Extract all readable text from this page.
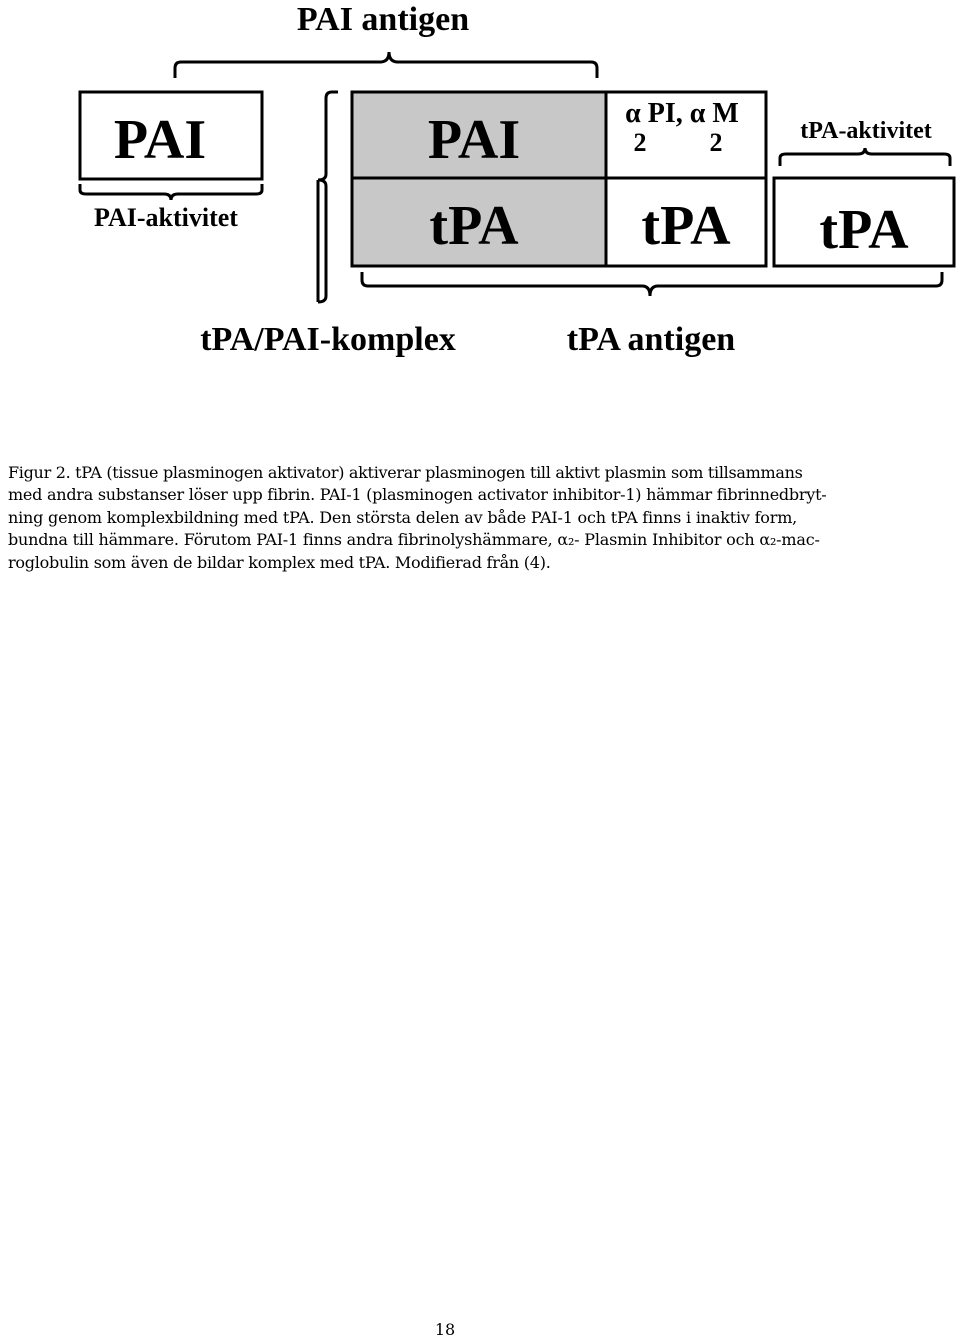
PAI antigen
PAI
PAI-aktivitet
PAI
tPA
α PI, α M
2 2
tPA
tPA-aktivitet
tPA
tPA/PAI-komplex	tPA antigen

Figur 2. tPA (tissue plasminogen aktivator) aktiverar plasminogen till aktivt plasmin som tillsammans
med andra substanser löser upp fibrin. PAI-1 (plasminogen activator inhibitor-1) hämmar fibrinnedbryt-
ning genom komplexbildning med tPA. Den största delen av både PAI-1 och tPA finns i inaktiv form,
bundna till hämmare. Förutom PAI-1 finns andra fibrinolyshämmare, α₂- Plasmin Inhibitor och α₂-mac-
roglobulin som även de bildar komplex med tPA. Modifierad från (4).

18
